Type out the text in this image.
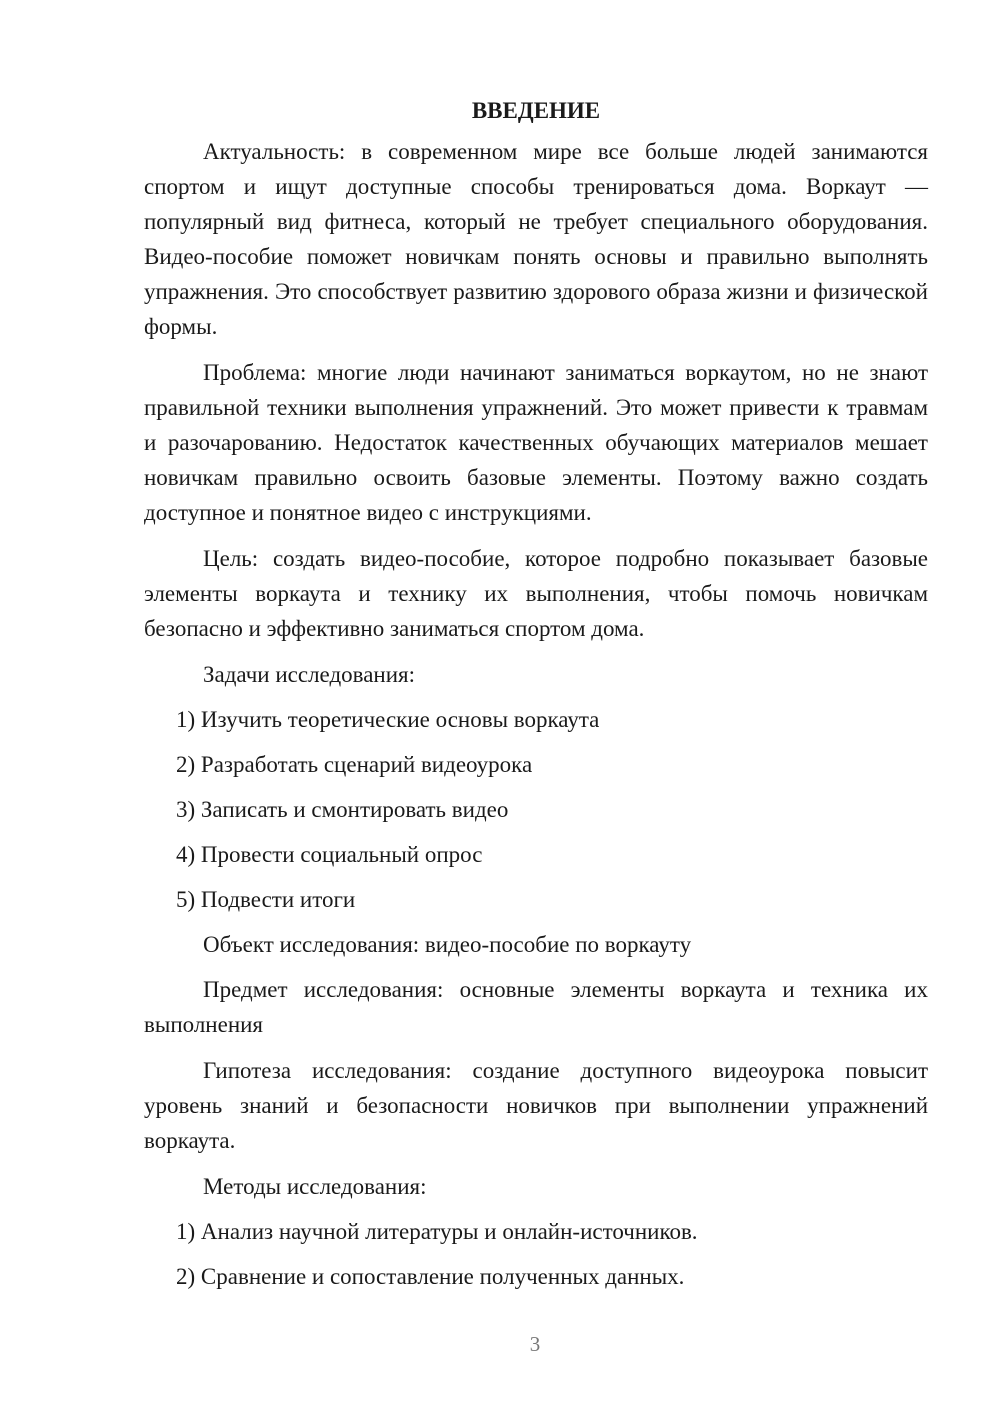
ВВЕДЕНИЕ

Актуальность: в современном мире все больше людей занимаются спортом и ищут доступные способы тренироваться дома. Воркаут — популярный вид фитнеса, который не требует специального оборудования. Видео-пособие поможет новичкам понять основы и правильно выполнять упражнения. Это способствует развитию здорового образа жизни и физической формы.

Проблема: многие люди начинают заниматься воркаутом, но не знают правильной техники выполнения упражнений. Это может привести к травмам и разочарованию. Недостаток качественных обучающих материалов мешает новичкам правильно освоить базовые элементы. Поэтому важно создать доступное и понятное видео с инструкциями.

Цель: создать видео-пособие, которое подробно показывает базовые элементы воркаута и технику их выполнения, чтобы помочь новичкам безопасно и эффективно заниматься спортом дома.

Задачи исследования:

1) Изучить теоретические основы воркаута
2) Разработать сценарий видеоурока
3) Записать и смонтировать видео
4) Провести социальный опрос
5) Подвести итоги

Объект исследования: видео-пособие по воркауту

Предмет исследования: основные элементы воркаута и техника их выполнения

Гипотеза исследования: создание доступного видеоурока повысит уровень знаний и безопасности новичков при выполнении упражнений воркаута.

Методы исследования:

1) Анализ научной литературы и онлайн-источников.
2) Сравнение и сопоставление полученных данных.
3
